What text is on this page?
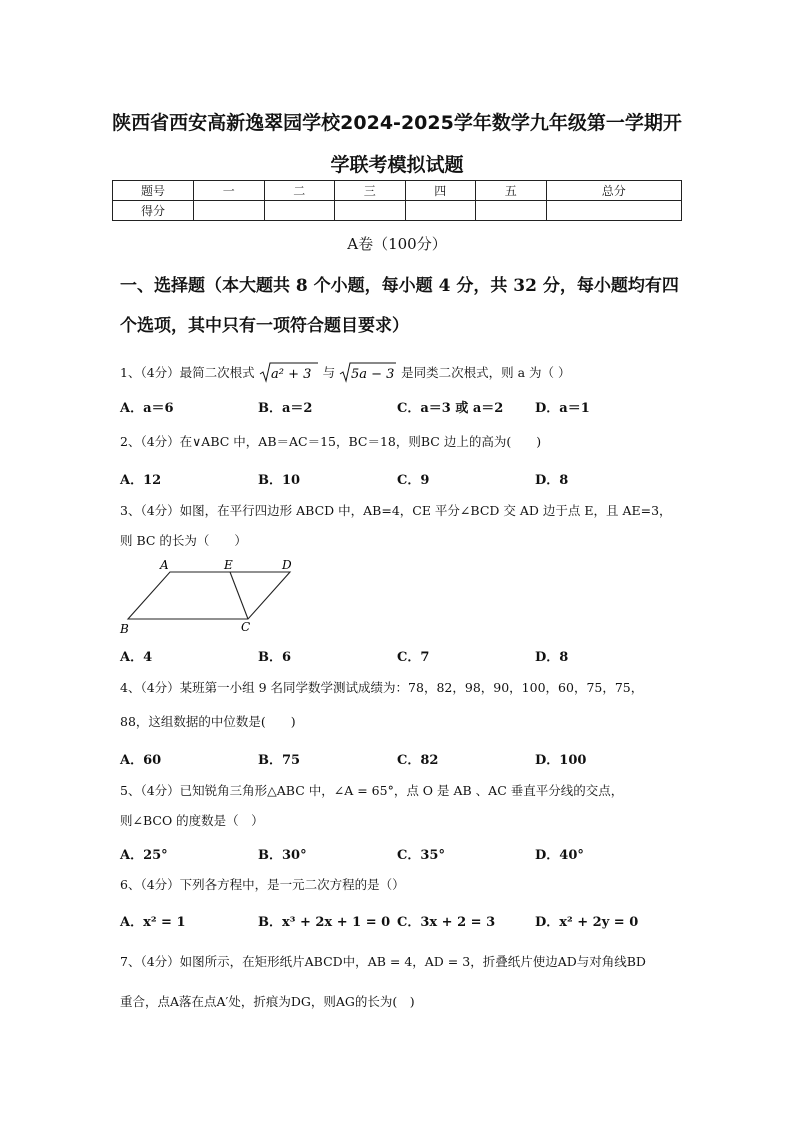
陕西省西安高新逸翠园学校2024-2025学年数学九年级第一学期开
学联考模拟试题
题号	一	二	三	四	五	总分
得分						
A卷（100分）
一、选择题（本大题共 8 个小题，每小题 4 分，共 32 分，每小题均有四个选项，其中只有一项符合题目要求）
1、（4分）最简二次根式 a² + 3 与 5a − 3 是同类二次根式，则 a 为（ ）
A．a＝6	B．a＝2	C．a＝3 或 a＝2 D．a＝1
2、（4分）在∨ABC 中，AB＝AC＝15，BC＝18，则BC 边上的高为(　　)
A．12	B．10	C．9	D．8
3、（4分）如图，在平行四边形 ABCD 中，AB=4，CE 平分∠BCD 交 AD 边于点 E，且 AE=3，
则 BC 的长为（　　）
A	E	D
B	C
A．4	B．6	C．7	D．8
4、（4分）某班第一小组 9 名同学数学测试成绩为：78，82，98，90，100，60，75，75，
88，这组数据的中位数是(　　)
A．60	B．75	C．82	D．100
5、（4分）已知锐角三角形△ABC 中，∠A = 65°，点 O 是 AB 、AC 垂直平分线的交点，
则∠BCO 的度数是（　）
A．25°	B．30°	C．35°	D．40°
6、（4分）下列各方程中，是一元二次方程的是（）
A．x² = 1	B．x³ + 2x + 1 = 0 C．3x + 2 = 3	D．x² + 2y = 0
7、（4分）如图所示，在矩形纸片ABCD中，AB = 4，AD = 3，折叠纸片使边AD与对角线BD
重合，点A落在点A′处，折痕为DG，则AG的长为(　)
